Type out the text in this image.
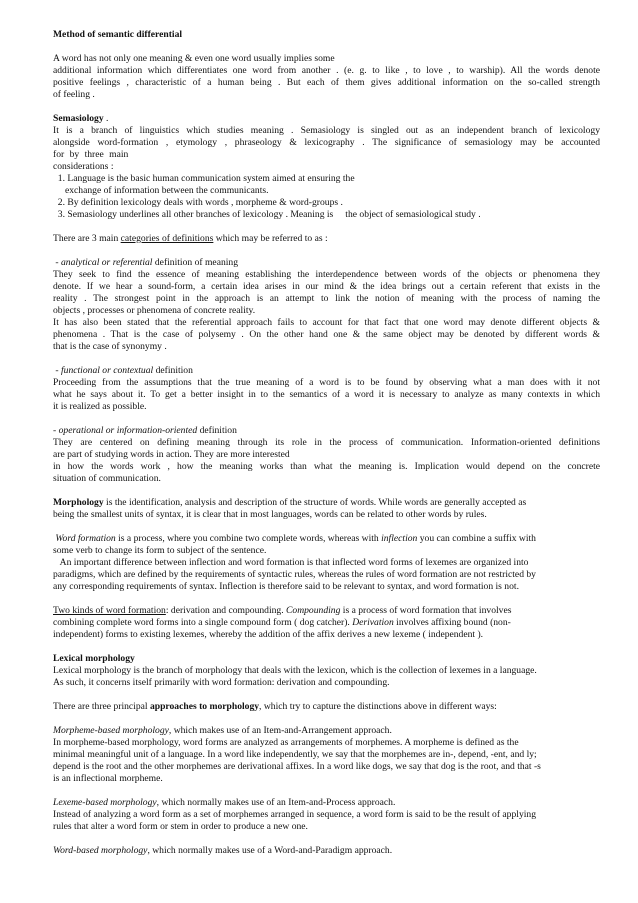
Method of semantic differential
A word has not only one meaning & even one word usually implies some
additional information which differentiates one word from another . (e. g. to like , to love , to warship). All the words denote
positive feelings , characteristic of a human being . But each of them gives additional information on the so-called strength
of feeling .
Semasiology .
It is a branch of linguistics which studies meaning . Semasiology is singled out as an independent branch of lexicology
alongside word-formation , etymology , phraseology & lexicography . The significance of semasiology may be accounted
for by three main
considerations :
1. Language is the basic human communication system aimed at ensuring the
exchange of information between the communicants.
2. By definition lexicology deals with words , morpheme & word-groups .
3. Semasiology underlines all other branches of lexicology . Meaning is     the object of semasiological study .
There are 3 main categories of definitions which may be referred to as :
- analytical or referential definition of meaning
They seek to find the essence of meaning establishing the interdependence between words of the objects or phenomena they
denote. If we hear a sound-form, a certain idea arises in our mind & the idea brings out a certain referent that exists in the
reality . The strongest point in the approach is an attempt to link the notion of meaning with the process of naming the
objects , processes or phenomena of concrete reality.
It has also been stated that the referential approach fails to account for that fact that one word may denote different objects &
phenomena . That is the case of polysemy . On the other hand one & the same object may be denoted by different words &
that is the case of synonymy .
- functional or contextual definition
Proceeding from the assumptions that the true meaning of a word is to be found by observing what a man does with it not
what he says about it. To get a better insight in to the semantics of a word it is necessary to analyze as many contexts in which
it is realized as possible.
- operational or information-oriented definition
They are centered on defining meaning through its role in the process of communication. Information-oriented definitions
are part of studying words in action. They are more interested
in how the words work , how the meaning works than what the meaning is. Implication would depend on the concrete
situation of communication.
Morphology is the identification, analysis and description of the structure of words. While words are generally accepted as
being the smallest units of syntax, it is clear that in most languages, words can be related to other words by rules.
Word formation is a process, where you combine two complete words, whereas with inflection you can combine a suffix with
some verb to change its form to subject of the sentence.
An important difference between inflection and word formation is that inflected word forms of lexemes are organized into
paradigms, which are defined by the requirements of syntactic rules, whereas the rules of word formation are not restricted by
any corresponding requirements of syntax. Inflection is therefore said to be relevant to syntax, and word formation is not.
Two kinds of word formation: derivation and compounding. Compounding is a process of word formation that involves
combining complete word forms into a single compound form ( dog catcher). Derivation involves affixing bound (non-
independent) forms to existing lexemes, whereby the addition of the affix derives a new lexeme ( independent ).
Lexical morphology
Lexical morphology is the branch of morphology that deals with the lexicon, which is the collection of lexemes in a language.
As such, it concerns itself primarily with word formation: derivation and compounding.
There are three principal approaches to morphology, which try to capture the distinctions above in different ways:
Morpheme-based morphology, which makes use of an Item-and-Arrangement approach.
In morpheme-based morphology, word forms are analyzed as arrangements of morphemes. A morpheme is defined as the
minimal meaningful unit of a language. In a word like independently, we say that the morphemes are in-, depend, -ent, and ly;
depend is the root and the other morphemes are derivational affixes. In a word like dogs, we say that dog is the root, and that -s
is an inflectional morpheme.
Lexeme-based morphology, which normally makes use of an Item-and-Process approach.
Instead of analyzing a word form as a set of morphemes arranged in sequence, a word form is said to be the result of applying
rules that alter a word form or stem in order to produce a new one.
Word-based morphology, which normally makes use of a Word-and-Paradigm approach.
